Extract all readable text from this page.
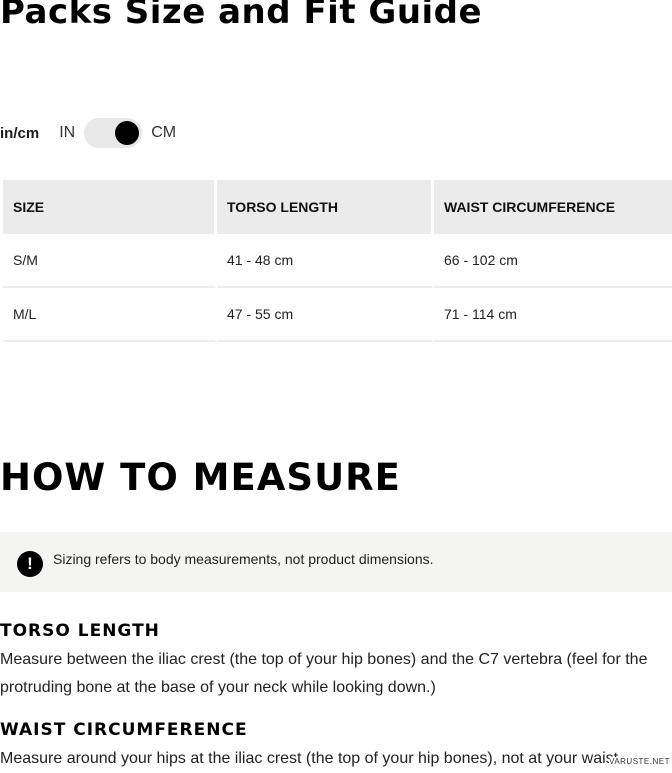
Packs Size and Fit Guide
in/cm IN	CM
SIZE	TORSO LENGTH	WAIST CIRCUMFERENCE
S/M	41 - 48 cm	66 - 102 cm
M/L	47 - 55 cm	71 - 114 cm
HOW TO MEASURE
!	Sizing refers to body measurements, not product dimensions.
TORSO LENGTH

Measure between the iliac crest (the top of your hip bones) and the C7 vertebra (feel for the protruding bone at the base of your neck while looking down.)

WAIST CIRCUMFERENCE

Measure around your hips at the iliac crest (the top of your hip bones), not at your waist.

VARUSTE.NET
